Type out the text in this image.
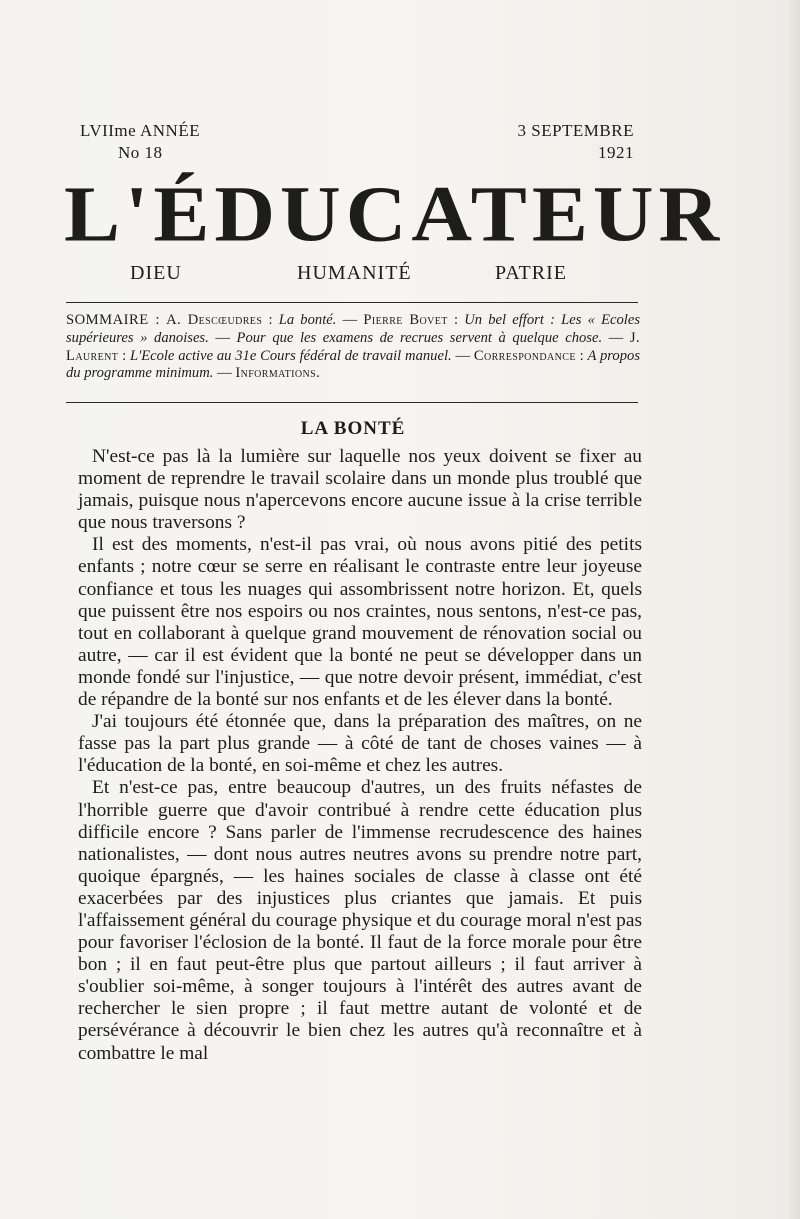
LVIIme ANNÉE
No 18
3 SEPTEMBRE
1921
L'ÉDUCATEUR
DIEU	HUMANITÉ	PATRIE
SOMMAIRE : A. Descœudres : La bonté. — Pierre Bovet : Un bel effort : Les « Ecoles supérieures » danoises. — Pour que les examens de recrues servent à quelque chose. — J. Laurent : L'Ecole active au 31e Cours fédéral de travail manuel. — Correspondance : A propos du programme minimum. — Informations.
LA BONTÉ

N'est-ce pas là la lumière sur laquelle nos yeux doivent se fixer au moment de reprendre le travail scolaire dans un monde plus troublé que jamais, puisque nous n'apercevons encore aucune issue à la crise terrible que nous traversons ?

Il est des moments, n'est-il pas vrai, où nous avons pitié des petits enfants ; notre cœur se serre en réalisant le contraste entre leur joyeuse confiance et tous les nuages qui assombrissent notre horizon. Et, quels que puissent être nos espoirs ou nos craintes, nous sentons, n'est-ce pas, tout en collaborant à quelque grand mouvement de rénovation social ou autre, — car il est évident que la bonté ne peut se développer dans un monde fondé sur l'injustice, — que notre devoir présent, immédiat, c'est de répandre de la bonté sur nos enfants et de les élever dans la bonté.

J'ai toujours été étonnée que, dans la préparation des maîtres, on ne fasse pas la part plus grande — à côté de tant de choses vaines — à l'éducation de la bonté, en soi-même et chez les autres.

Et n'est-ce pas, entre beaucoup d'autres, un des fruits néfastes de l'horrible guerre que d'avoir contribué à rendre cette éducation plus difficile encore ? Sans parler de l'immense recrudescence des haines nationalistes, — dont nous autres neutres avons su prendre notre part, quoique épargnés, — les haines sociales de classe à classe ont été exacerbées par des injustices plus criantes que jamais. Et puis l'affaissement général du courage physique et du courage moral n'est pas pour favoriser l'éclosion de la bonté. Il faut de la force morale pour être bon ; il en faut peut-être plus que partout ailleurs ; il faut arriver à s'oublier soi-même, à songer toujours à l'intérêt des autres avant de rechercher le sien propre ; il faut mettre autant de volonté et de persévérance à découvrir le bien chez les autres qu'à reconnaître et à combattre le mal
